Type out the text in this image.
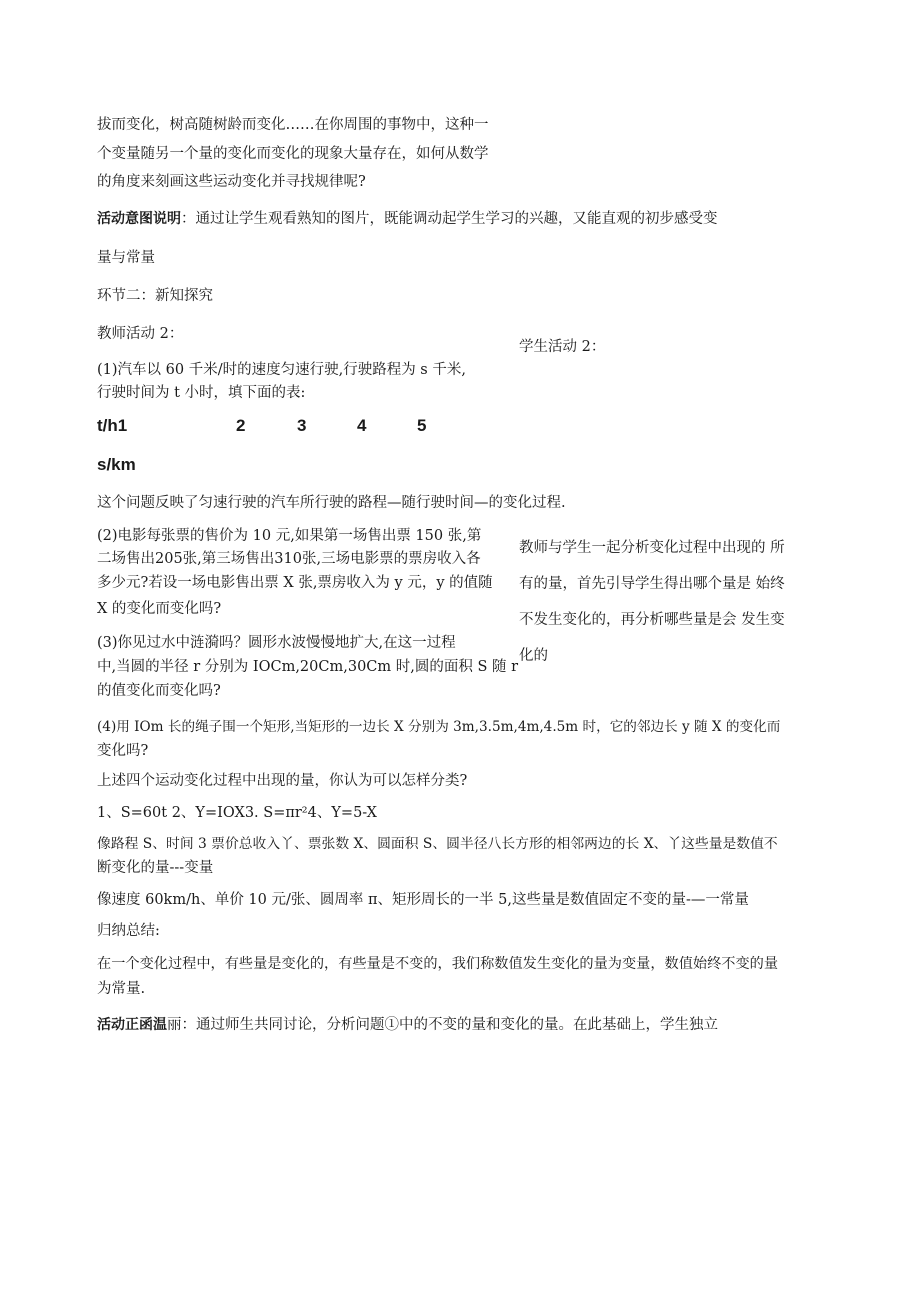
拔而变化，树高随树龄而变化……在你周围的事物中，这种一
个变量随另一个量的变化而变化的现象大量存在，如何从数学
的角度来刻画这些运动变化并寻找规律呢?
活动意图说明：通过让学生观看熟知的图片，既能调动起学生学习的兴趣，又能直观的初步感受变
量与常量
环节二：新知探究
教师活动 2：
学生活动 2：
(1)汽车以 60 千米/时的速度匀速行驶,行驶路程为 s 千米,
行驶时间为 t 小时，填下面的表:
t/h1	2	3	4	5
s/km
这个问题反映了匀速行驶的汽车所行驶的路程—随行驶时间—的变化过程.
(2)电影每张票的售价为 10 元,如果第一场售出票 150 张,第
二场售出205张,第三场售出310张,三场电影票的票房收入各
多少元?若设一场电影售出票 X 张,票房收入为 y 元，y 的值随
X 的变化而变化吗?
(3)你见过水中涟漪吗？圆形水波慢慢地扩大,在这一过程
中,当圆的半径 r 分别为 IOCm,20Cm,30Cm 时,圆的面积 S 随 r
的值变化而变化吗?
教师与学生一起分析变化过程中出现的 所
有的量，首先引导学生得出哪个量是 始终
不发生变化的，再分析哪些量是会 发生变
化的
(4)用 IOm 长的绳子围一个矩形,当矩形的一边长 X 分别为 3m,3.5m,4m,4.5m 时，它的邻边长 y 随 X 的变化而
变化吗?
上述四个运动变化过程中出现的量，你认为可以怎样分类?
1、S=60t 2、Y=IOX3. S=πr²4、Y=5-X
像路程 S、时间 3 票价总收入丫、票张数 X、圆面积 S、圆半径八长方形的相邻两边的长 X、丫这些量是数值不
断变化的量---变量
像速度 60km/h、单价 10 元/张、圆周率 π、矩形周长的一半 5,这些量是数值固定不变的量-—一常量
归纳总结:
在一个变化过程中，有些量是变化的，有些量是不变的，我们称数值发生变化的量为变量，数值始终不变的量
为常量.
活动正函温丽：通过师生共同讨论，分析问题①中的不变的量和变化的量。在此基础上，学生独立
